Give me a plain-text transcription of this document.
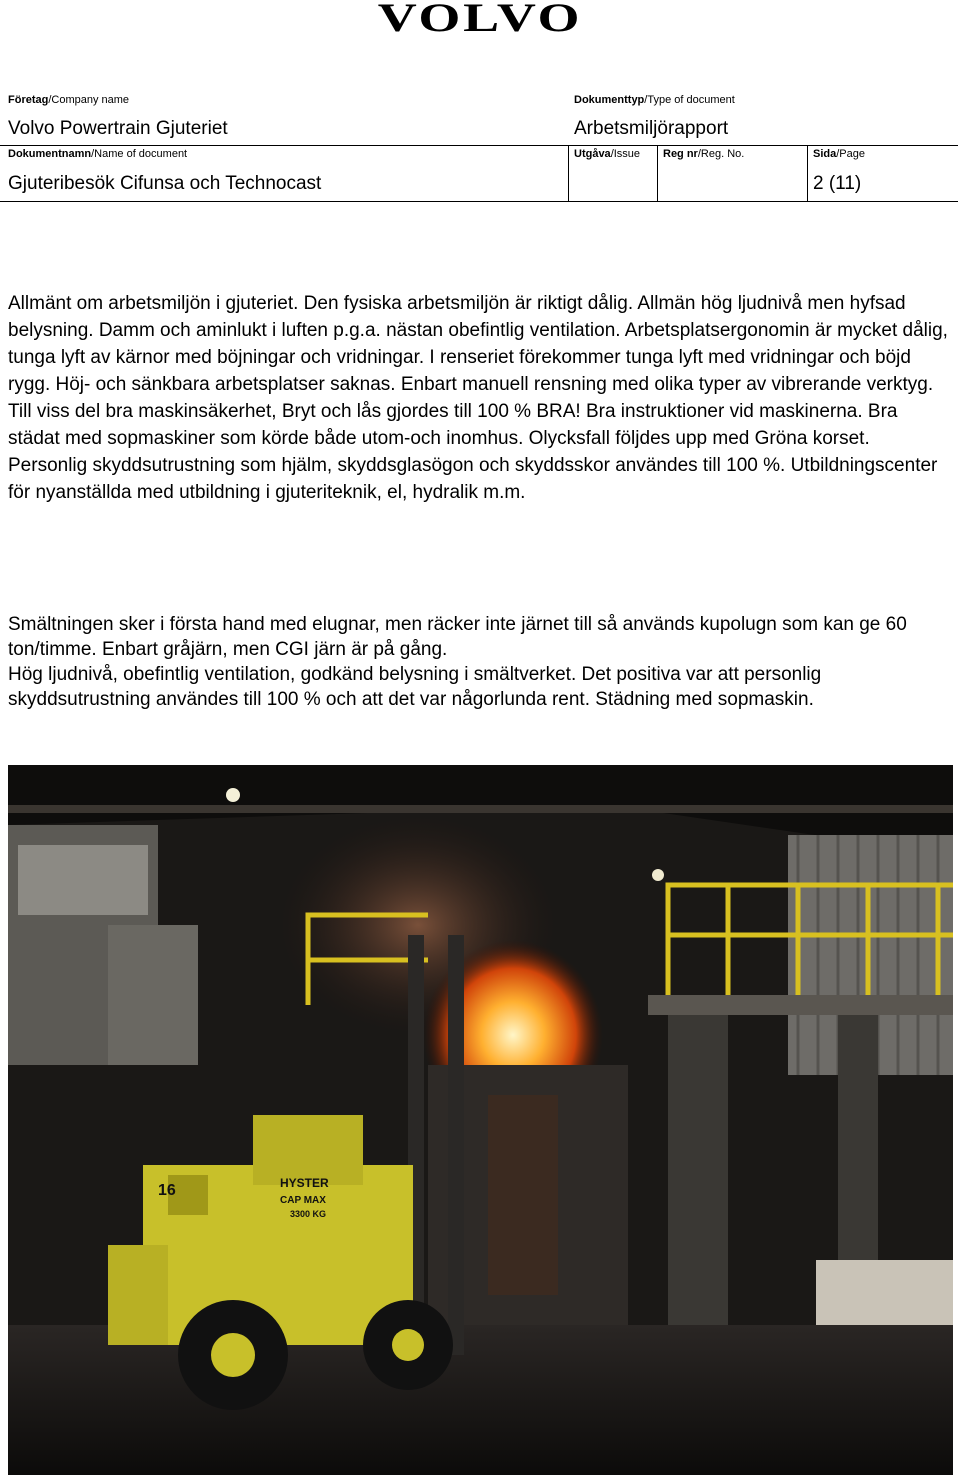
VOLVO
Företag/Company name
Volvo Powertrain Gjuteriet
Dokumenttyp/Type of document
Arbetsmiljörapport
Dokumentnamn/Name of document
Gjuteribesök Cifunsa och Technocast
Utgåva/Issue Reg nr/Reg. No.	Sida/Page
2 (11)
Allmänt om arbetsmiljön i gjuteriet. Den fysiska arbetsmiljön är riktigt dålig. Allmän hög ljudnivå men hyfsad belysning. Damm och aminlukt i luften p.g.a. nästan obefintlig ventilation. Arbetsplatsergonomin är mycket dålig, tunga lyft av kärnor med böjningar och vridningar. I renseriet förekommer tunga lyft med vridningar och böjd rygg. Höj- och sänkbara arbetsplatser saknas. Enbart manuell rensning med olika typer av vibrerande verktyg. Till viss del bra maskinsäkerhet, Bryt och lås gjordes till 100 % BRA! Bra instruktioner vid maskinerna. Bra städat med sopmaskiner som körde både utom-och inomhus. Olycksfall följdes upp med Gröna korset. Personlig skyddsutrustning som hjälm, skyddsglasögon och skyddsskor användes till 100 %. Utbildningscenter för nyanställda med utbildning i gjuteriteknik, el, hydralik m.m.
Smältningen sker i första hand med elugnar, men räcker inte järnet till så används kupolugn som kan ge 60 ton/timme. Enbart gråjärn, men CGI järn är på gång.
Hög ljudnivå, obefintlig ventilation, godkänd belysning i smältverket. Det positiva var att personlig skyddsutrustning användes till 100 % och att det var någorlunda rent. Städning med sopmaskin.
HYSTER
CAP MAX
3300 KG
16
